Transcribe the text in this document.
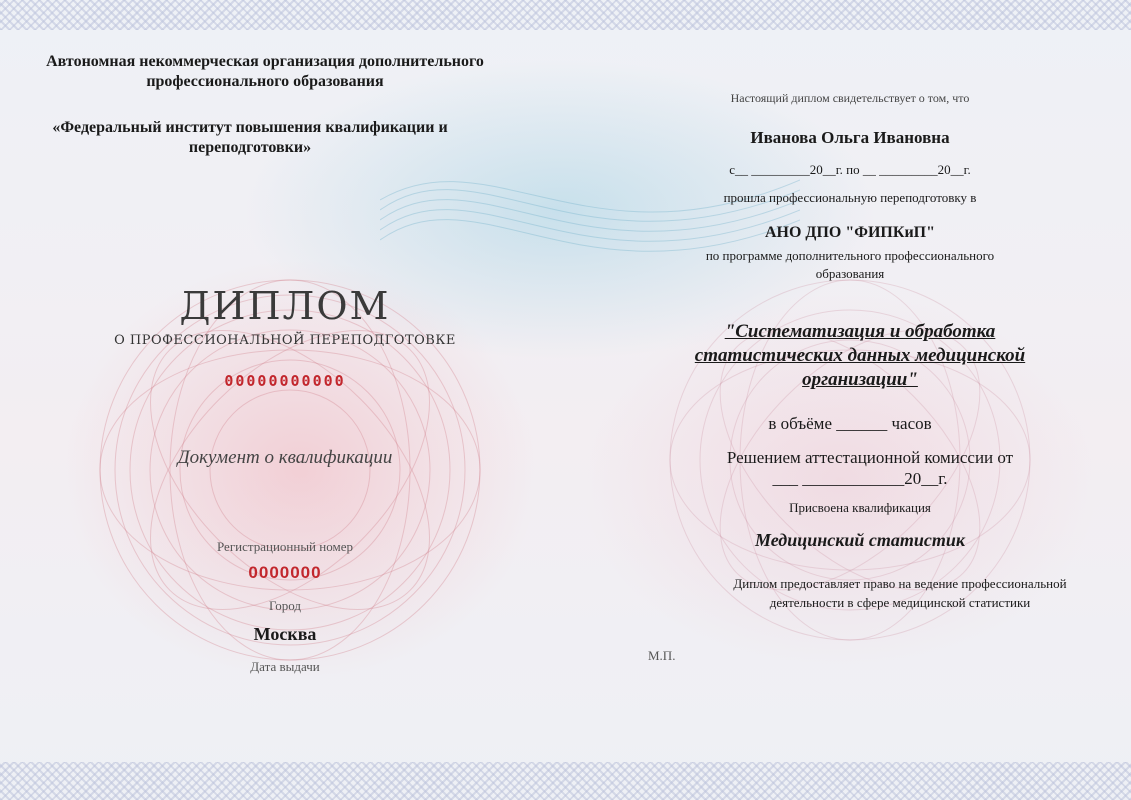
Автономная некоммерческая организация дополнительного профессионального образования
«Федеральный институт повышения квалификации и переподготовки»
ДИПЛОМ
О ПРОФЕССИОНАЛЬНОЙ ПЕРЕПОДГОТОВКЕ
00000000000
Документ о квалификации
Регистрационный номер
0000000
Город
Москва
Дата выдачи
М.П.
Настоящий диплом свидетельствует о том, что
Иванова Ольга Ивановна
с__ _________20__г. по __ _________20__г.
прошла профессиональную переподготовку в
АНО ДПО "ФИПКиП"
по программе дополнительного профессионального образования
"Систематизация и обработка статистических данных медицинской организации"
в объёме ______ часов
Решением аттестационной комиссии от
___ ____________20__г.
Присвоена квалификация
Медицинский статистик
Диплом предоставляет право на ведение профессиональной деятельности в сфере медицинской статистики
